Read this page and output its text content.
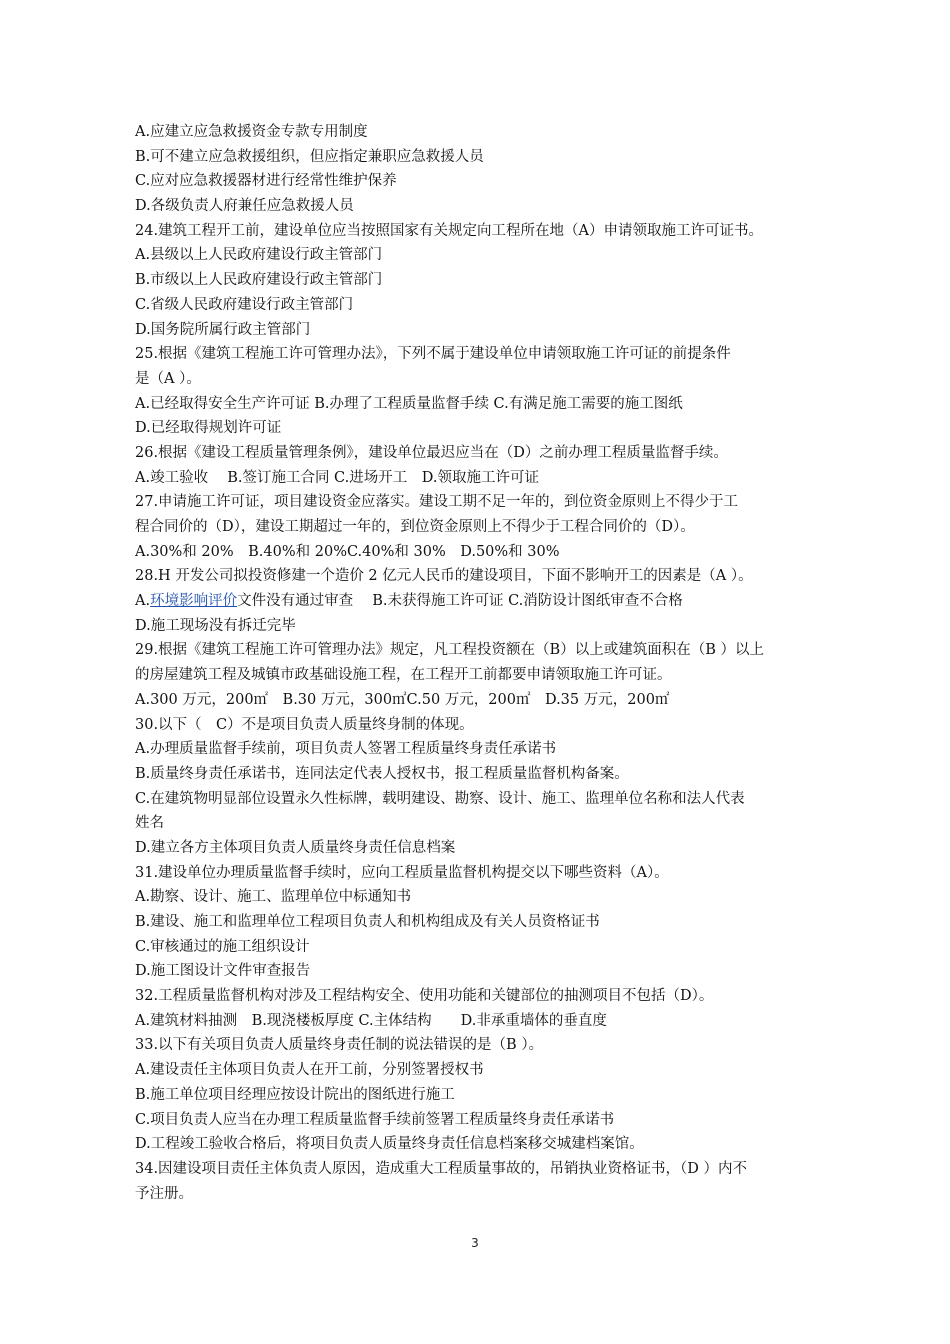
A.应建立应急救援资金专款专用制度
B.可不建立应急救援组织，但应指定兼职应急救援人员
C.应对应急救援器材进行经常性维护保养
D.各级负责人府兼任应急救援人员
24.建筑工程开工前，建设单位应当按照国家有关规定向工程所在地（A）申请领取施工许可证书。
A.县级以上人民政府建设行政主管部门
B.市级以上人民政府建设行政主管部门
C.省级人民政府建设行政主管部门
D.国务院所属行政主管部门
25.根据《建筑工程施工许可管理办法》，下列不属于建设单位申请领取施工许可证的前提条件
是（A ）。
A.已经取得安全生产许可证 B.办理了工程质量监督手续 C.有满足施工需要的施工图纸
D.已经取得规划许可证
26.根据《建设工程质量管理条例》，建设单位最迟应当在（D）之前办理工程质量监督手续。
A.竣工验收　 B.签订施工合同 C.进场开工　D.领取施工许可证
27.申请施工许可证，项目建设资金应落实。建设工期不足一年的，到位资金原则上不得少于工
程合同价的（D），建设工期超过一年的，到位资金原则上不得少于工程合同价的（D）。
A.30%和 20%　B.40%和 20%C.40%和 30%　D.50%和 30%
28.H 开发公司拟投资修建一个造价 2 亿元人民币的建设项目，下面不影响开工的因素是（A ）。
A.环境影响评价文件没有通过审查　 B.未获得施工许可证 C.消防设计图纸审查不合格
D.施工现场没有拆迁完毕
29.根据《建筑工程施工许可管理办法》规定，凡工程投资额在（B）以上或建筑面积在（B ）以上
的房屋建筑工程及城镇市政基础设施工程，在工程开工前都要申请领取施工许可证。
A.300 万元，200㎡　B.30 万元，300㎡C.50 万元，200㎡　D.35 万元，200㎡
30.以下（　C）不是项目负责人质量终身制的体现。
A.办理质量监督手续前，项目负责人签署工程质量终身责任承诺书
B.质量终身责任承诺书，连同法定代表人授权书，报工程质量监督机构备案。
C.在建筑物明显部位设置永久性标牌，载明建设、勘察、设计、施工、监理单位名称和法人代表
姓名
D.建立各方主体项目负责人质量终身责任信息档案
31.建设单位办理质量监督手续时，应向工程质量监督机构提交以下哪些资料（A）。
A.勘察、设计、施工、监理单位中标通知书
B.建设、施工和监理单位工程项目负责人和机构组成及有关人员资格证书
C.审核通过的施工组织设计
D.施工图设计文件审查报告
32.工程质量监督机构对涉及工程结构安全、使用功能和关键部位的抽测项目不包括（D）。
A.建筑材料抽测　B.现浇楼板厚度 C.主体结构　　D.非承重墙体的垂直度
33.以下有关项目负责人质量终身责任制的说法错误的是（B ）。
A.建设责任主体项目负责人在开工前，分别签署授权书
B.施工单位项目经理应按设计院出的图纸进行施工
C.项目负责人应当在办理工程质量监督手续前签署工程质量终身责任承诺书
D.工程竣工验收合格后，将项目负责人质量终身责任信息档案移交城建档案馆。
34.因建设项目责任主体负责人原因，造成重大工程质量事故的，吊销执业资格证书，（D ）内不
予注册。
3
